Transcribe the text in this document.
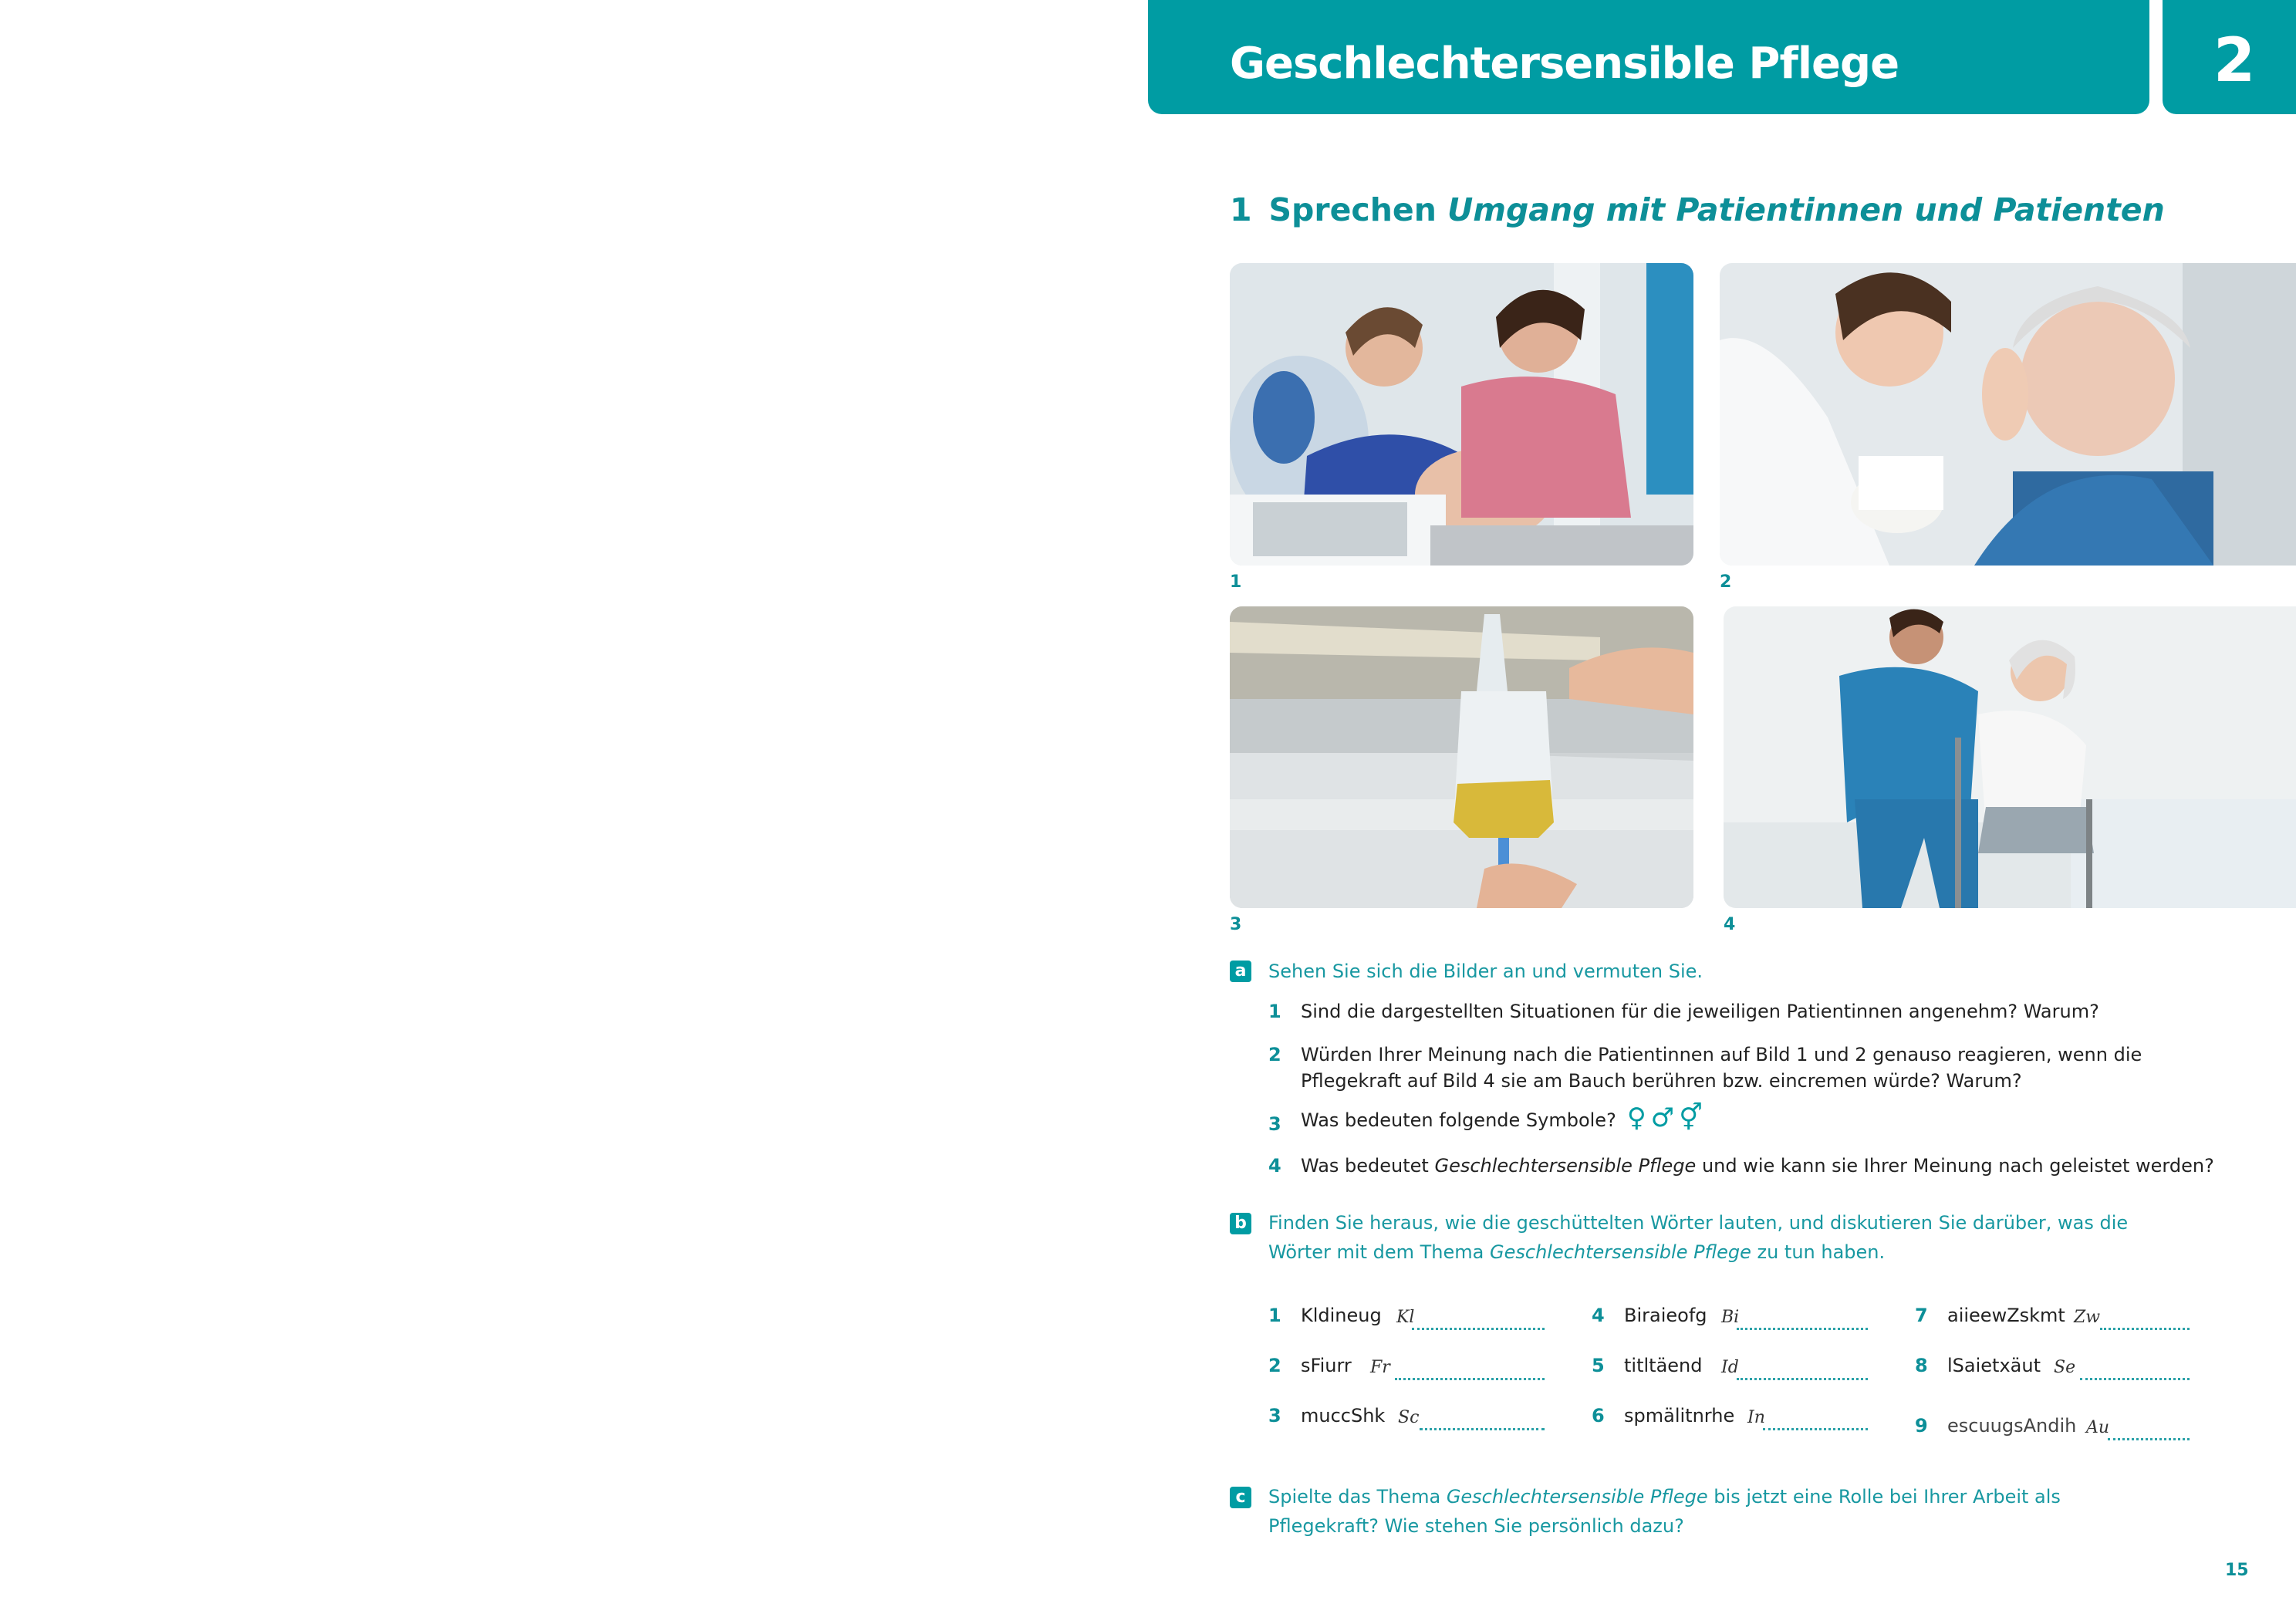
Geschlechtersensible Pflege	2
1 Sprechen Umgang mit Patientinnen und Patienten
1	2
3	4
a Sehen Sie sich die Bilder an und vermuten Sie.
1 Sind die dargestellten Situationen für die jeweiligen Patientinnen angenehm? Warum?
2 Würden Ihrer Meinung nach die Patientinnen auf Bild 1 und 2 genauso reagieren, wenn die Pflegekraft auf Bild 4 sie am Bauch berühren bzw. eincremen würde? Warum?
3 Was bedeuten folgende Symbole? ♀♂⚥
4 Was bedeutet Geschlechtersensible Pflege und wie kann sie Ihrer Meinung nach geleistet werden?
b Finden Sie heraus, wie die geschüttelten Wörter lauten, und diskutieren Sie darüber, was die Wörter mit dem Thema Geschlechtersensible Pflege zu tun haben.
1 Kldineug Kl
2 sFiurr Fr
3 muccShk Sc
4 Biraieofg Bi
5 titltäend Id
6 spmälitnrhe In
7 aiieewZskmt Zw
8 lSaietxäut Se
9 escuugsAndih Au
c	Spielte das Thema Geschlechtersensible Pflege bis jetzt eine Rolle bei Ihrer Arbeit als Pflegekraft? Wie stehen Sie persönlich dazu?
15
